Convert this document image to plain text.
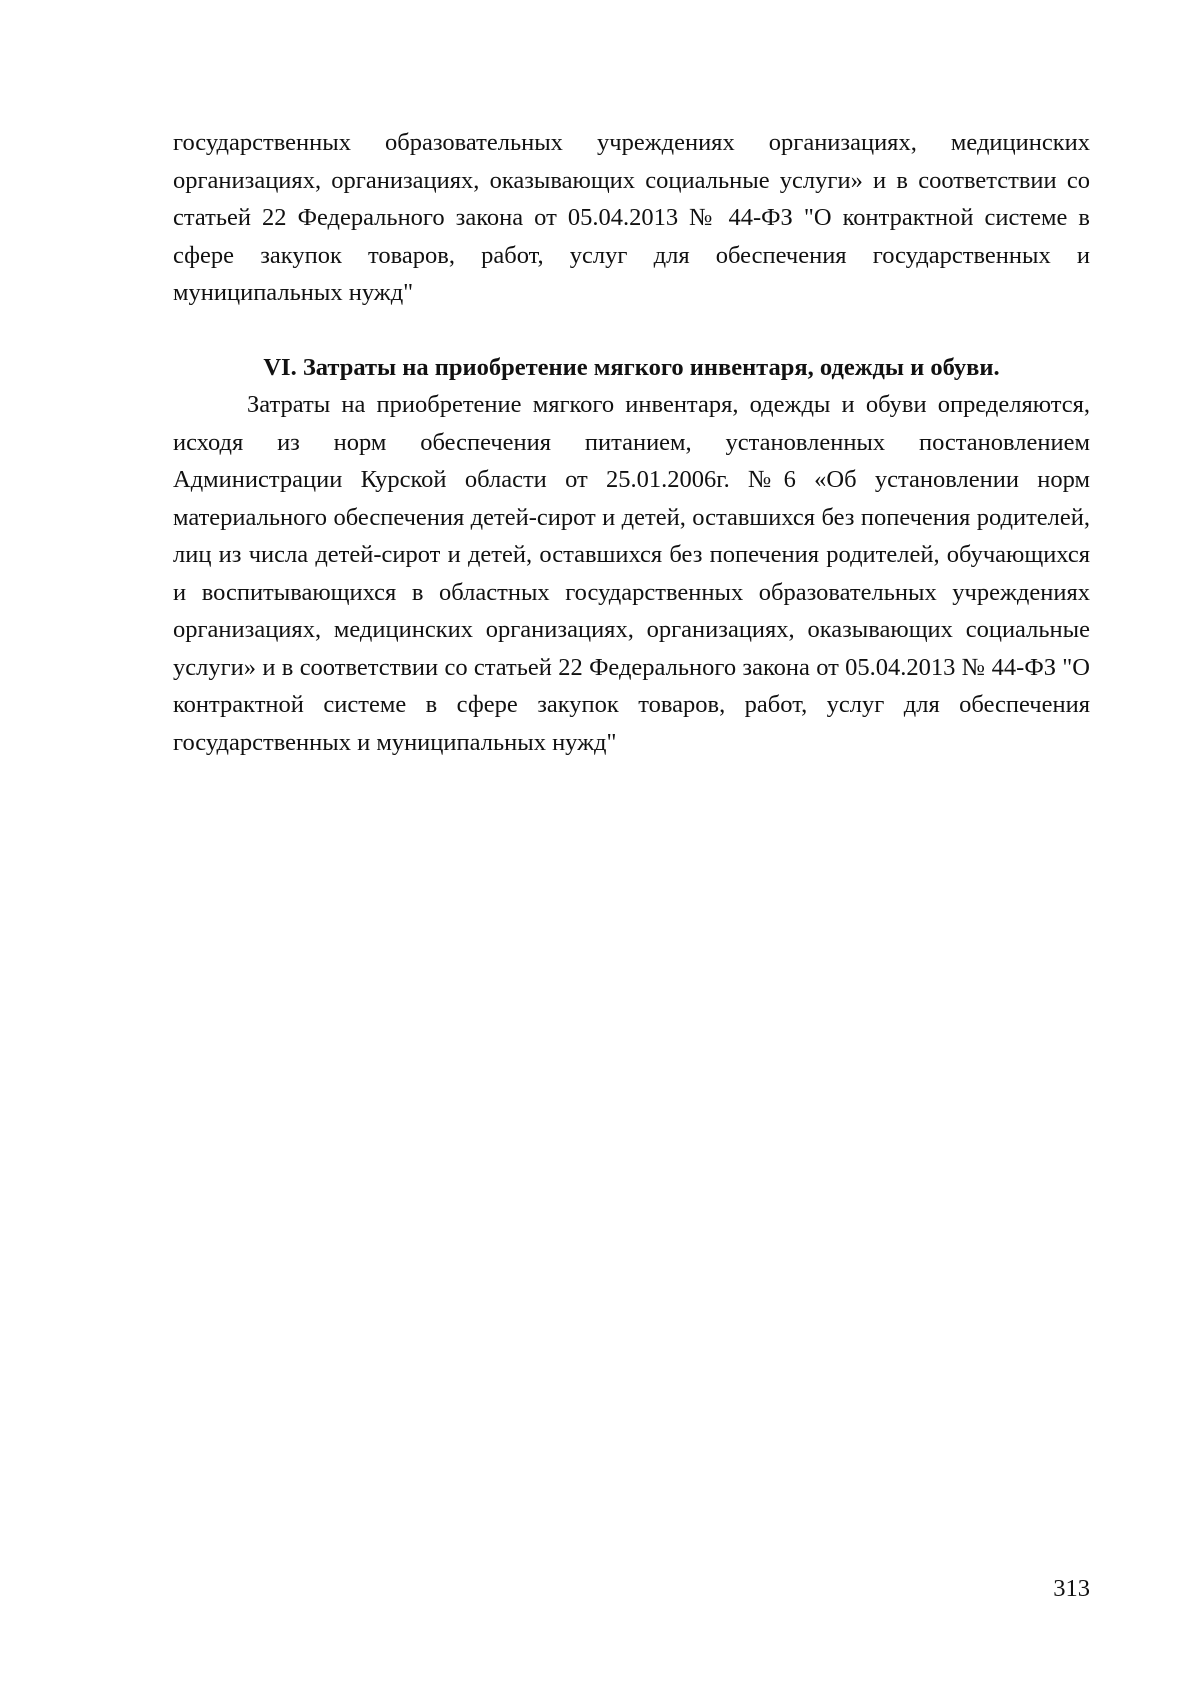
государственных образовательных учреждениях организациях, медицинских организациях, организациях, оказывающих социальные услуги» и в соответствии со статьей 22 Федерального закона от 05.04.2013 № 44-ФЗ "О контрактной системе в сфере закупок товаров, работ, услуг для обеспечения государственных и муниципальных нужд"

VI. Затраты на приобретение мягкого инвентаря, одежды и обуви.

Затраты на приобретение мягкого инвентаря, одежды и обуви определяются, исходя из норм обеспечения питанием, установленных постановлением Администрации Курской области от 25.01.2006г. №6 «Об установлении норм материального обеспечения детей-сирот и детей, оставшихся без попечения родителей, лиц из числа детей-сирот и детей, оставшихся без попечения родителей, обучающихся и воспитывающихся в областных государственных образовательных учреждениях организациях, медицинских организациях, организациях, оказывающих социальные услуги» и в соответствии со статьей 22 Федерального закона от 05.04.2013 № 44-ФЗ "О контрактной системе в сфере закупок товаров, работ, услуг для обеспечения государственных и муниципальных нужд"

313
